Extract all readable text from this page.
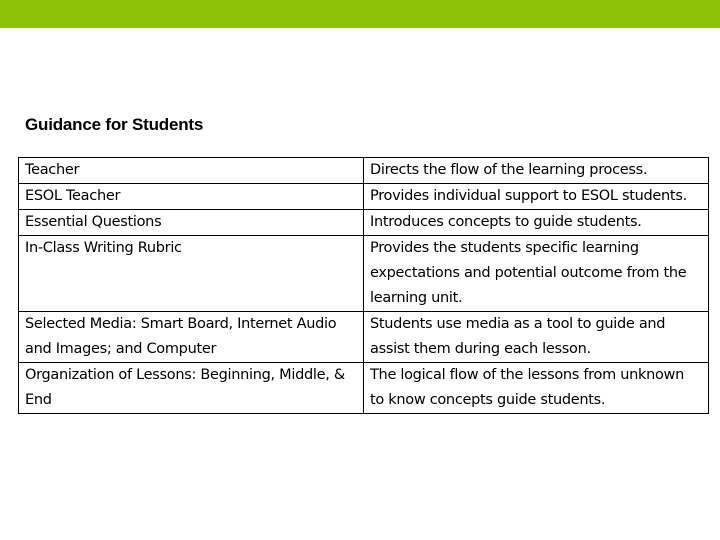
Guidance for Students
Teacher	Directs the flow of the learning process.
ESOL Teacher	Provides individual support to ESOL students.
Essential Questions	Introduces concepts to guide students.
In-Class Writing Rubric	Provides the students specific learning expectations and potential outcome from the learning unit.
Selected Media: Smart Board, Internet Audio and Images; and Computer	Students use media as a tool to guide and assist them during each lesson.
Organization of Lessons: Beginning, Middle, & End	The logical flow of the lessons from unknown to know concepts guide students.
